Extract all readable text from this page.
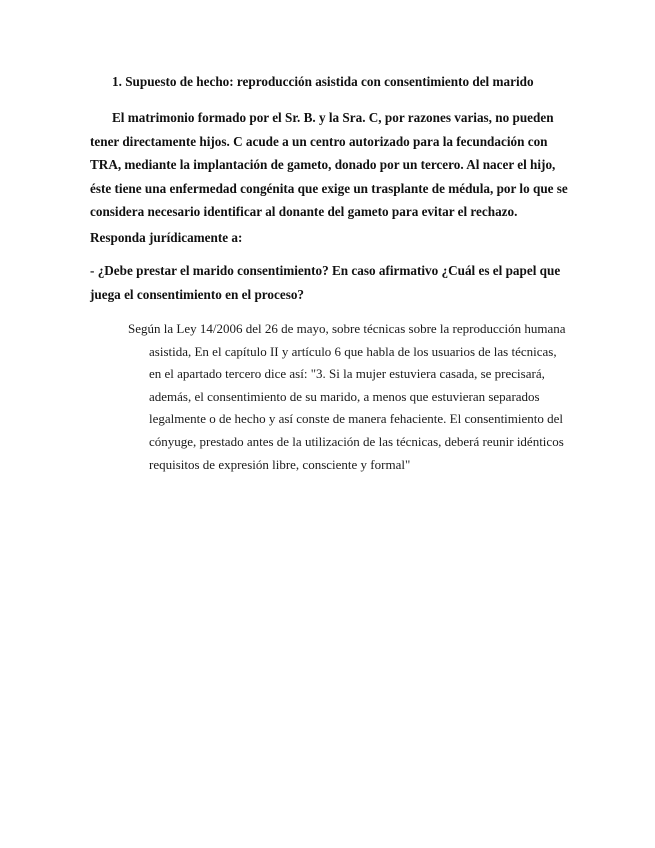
1. Supuesto de hecho: reproducción asistida con consentimiento del marido
El matrimonio formado por el Sr. B. y la Sra. C, por razones varias, no pueden
tener directamente hijos. C acude a un centro autorizado para la fecundación con
TRA, mediante la implantación de gameto, donado por un tercero. Al nacer el hijo,
éste tiene una enfermedad congénita que exige un trasplante de médula, por lo que se
considera necesario identificar al donante del gameto para evitar el rechazo.
Responda jurídicamente a:
- ¿Debe prestar el marido consentimiento? En caso afirmativo ¿Cuál es el papel que
juega el consentimiento en el proceso?
Según la Ley 14/2006 del 26 de mayo, sobre técnicas sobre la reproducción humana
asistida, En el capítulo II y artículo 6 que habla de los usuarios de las técnicas,
en el apartado tercero dice así: "3. Si la mujer estuviera casada, se precisará,
además, el consentimiento de su marido, a menos que estuvieran separados
legalmente o de hecho y así conste de manera fehaciente. El consentimiento del
cónyuge, prestado antes de la utilización de las técnicas, deberá reunir idénticos
requisitos de expresión libre, consciente y formal"
